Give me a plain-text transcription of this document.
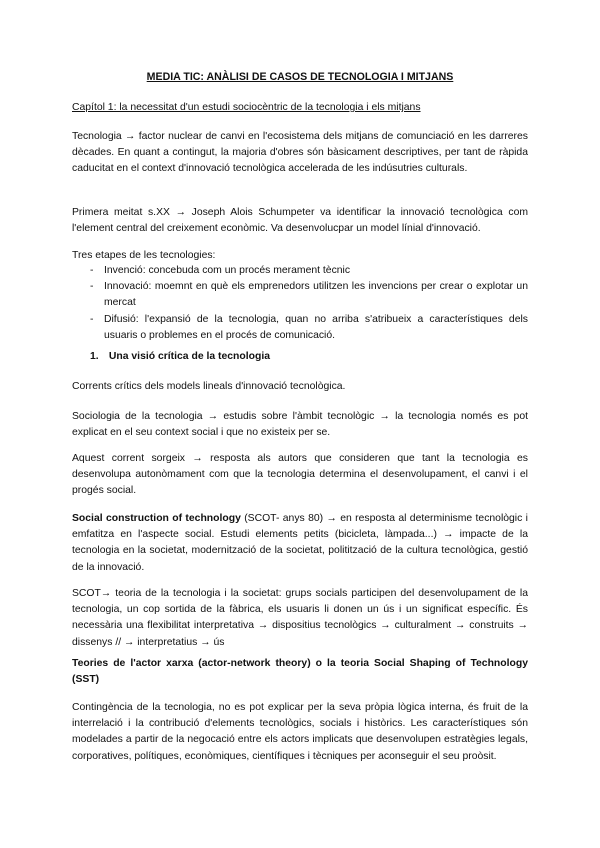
MEDIA TIC: ANÀLISI DE CASOS DE TECNOLOGIA I MITJANS
Capítol 1: la necessitat d'un estudi sociocèntric de la tecnologia i els mitjans
Tecnologia → factor nuclear de canvi en l'ecosistema dels mitjans de comunciació en les darreres dècades. En quant a contingut, la majoria d'obres són bàsicament descriptives, per tant de ràpida caducitat en el context d'innovació tecnològica accelerada de les indúsutries culturals.
Primera meitat s.XX → Joseph Alois Schumpeter va identificar la innovació tecnològica com l'element central del creixement econòmic. Va desenvolucpar un model línial d'innovació.
Tres etapes de les tecnologies:
- Invenció: concebuda com un procés merament tècnic
- Innovació: moemnt en què els emprenedors utilitzen les invencions per crear o explotar un mercat
- Difusió: l'expansió de la tecnologia, quan no arriba s'atribueix a característiques dels usuaris o problemes en el procés de comunicació.
1. Una visió crítica de la tecnologia
Corrents crítics dels models lineals d'innovació tecnològica.
Sociologia de la tecnologia → estudis sobre l'àmbit tecnològic → la tecnologia només es pot explicat en el seu context social i que no existeix per se.
Aquest corrent sorgeix → resposta als autors que consideren que tant la tecnologia es desenvolupa autonòmament com que la tecnologia determina el desenvolupament, el canvi i el progés social.
Social construction of technology (SCOT- anys 80) → en resposta al determinisme tecnològic i emfatitza en l'aspecte social. Estudi elements petits (bicicleta, làmpada...) → impacte de la tecnologia en la societat, modernització de la societat, politització de la cultura tecnològica, gestió de la innovació.
SCOT→ teoria de la tecnologia i la societat: grups socials participen del desenvolupament de la tecnologia, un cop sortida de la fàbrica, els usuaris li donen un ús i un significat específic. És necessària una flexibilitat interpretativa → dispositius tecnològics → culturalment → construits → dissenys // → interpretatius → ús
Teories de l'actor xarxa (actor-network theory) o la teoria Social Shaping of Technology (SST)
Contingència de la tecnologia, no es pot explicar per la seva pròpia lògica interna, és fruit de la interrelació i la contribució d'elements tecnològics, socials i històrics. Les característiques són modelades a partir de la negocació entre els actors implicats que desenvolupen estratègies legals, corporatives, polítiques, econòmiques, científiques i tècniques per aconseguir el seu proòsit.
